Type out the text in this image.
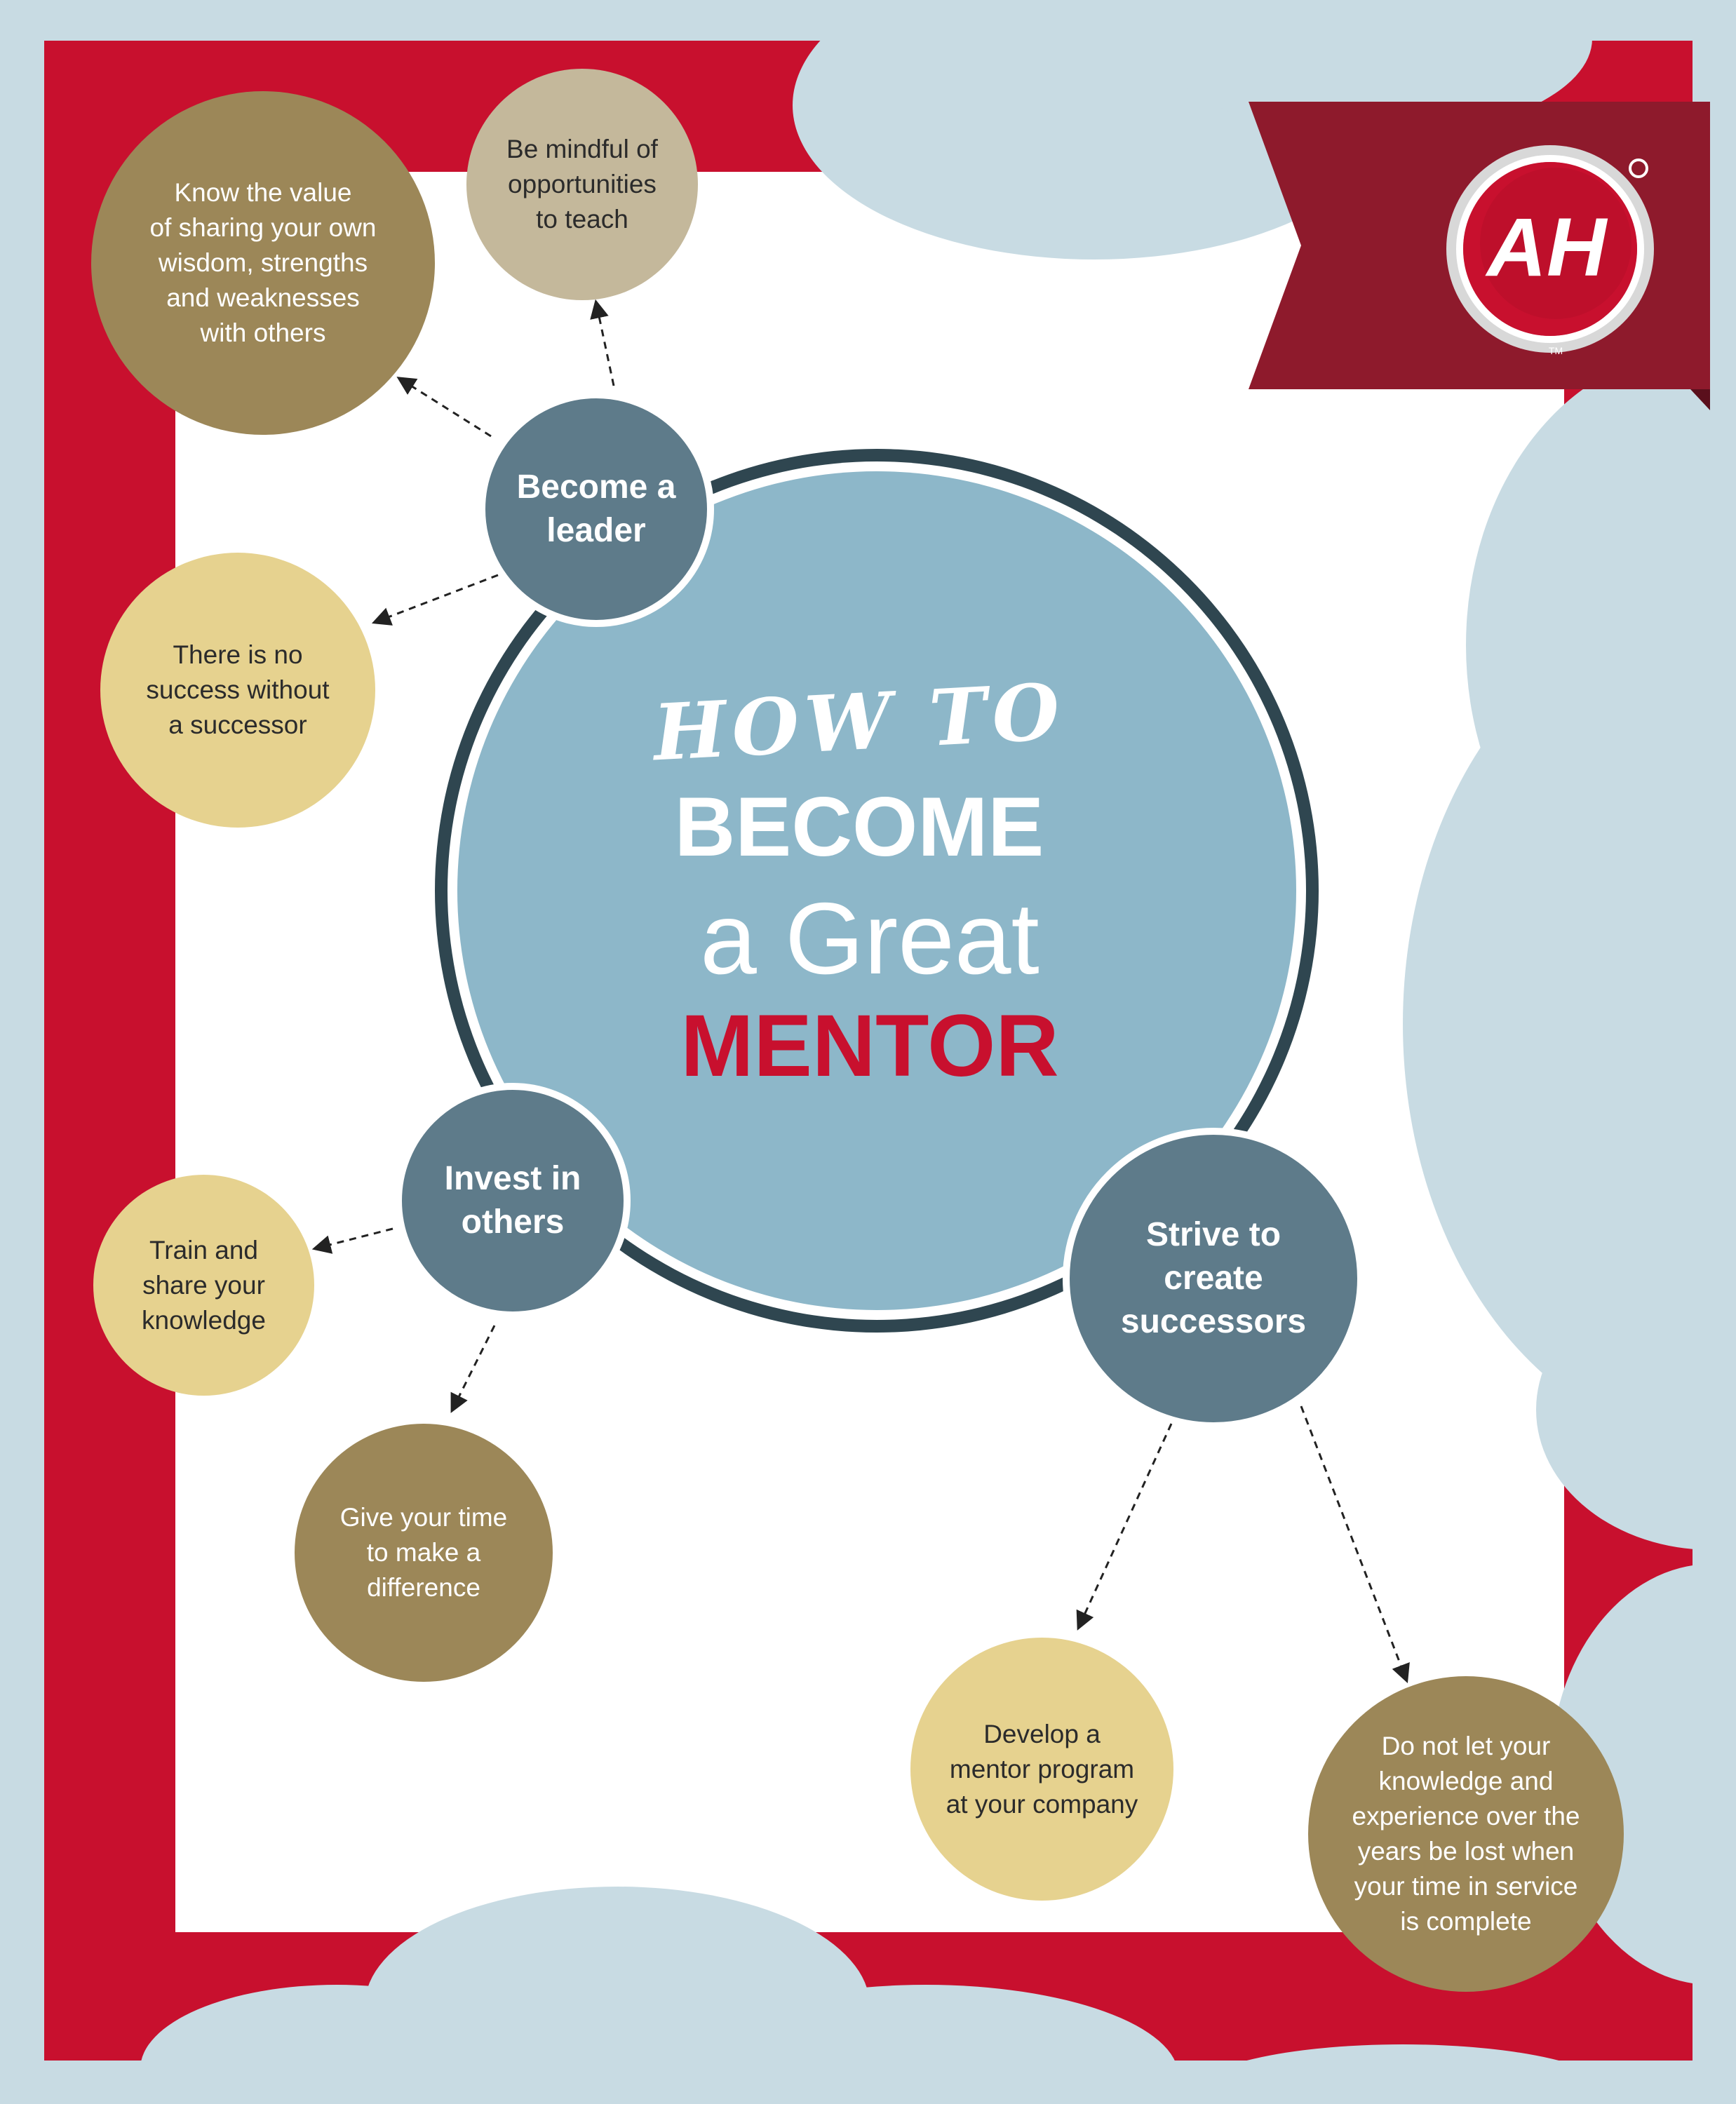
AH
TM
HOW TO
BECOME
a Great
MENTOR
Become a
leader
Invest in
others	Strive to
create
successors
Know the value
of sharing your own
wisdom, strengths
and weaknesses
with others
Be mindful of
opportunities
to teach
There is no
success without
a successor
Train and
share your
knowledge
Give your time
to make a
difference
Develop a
mentor program
at your company
Do not let your
knowledge and
experience over the
years be lost when
your time in service
is complete
